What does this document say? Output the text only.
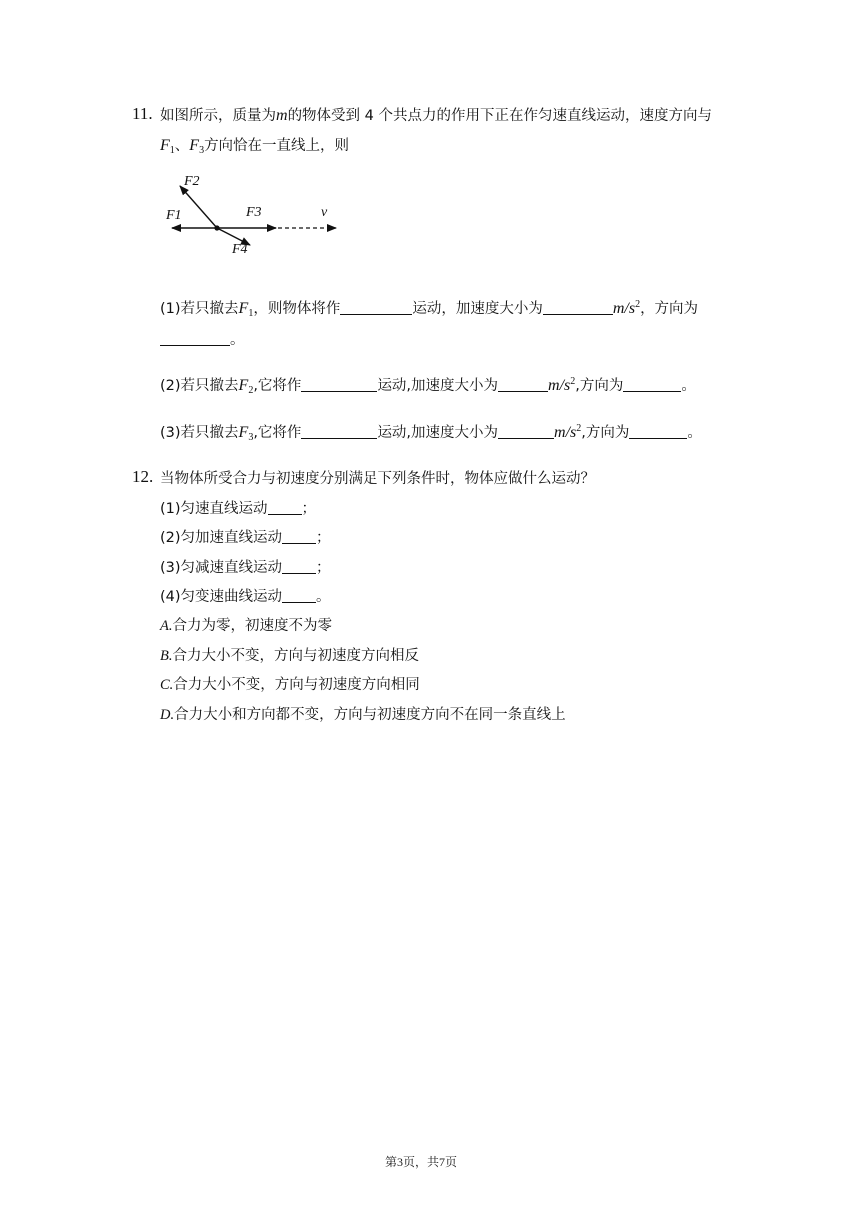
11. 如图所示，质量为m的物体受到 4 个共点力的作用下正在作匀速直线运动，速度方向与
$F_1$、$F_3$方向恰在一直线上，则
F2
F1	F3	v
F4
(1)若只撤去$F_1$，则物体将作	运动，加速度大小为	$m/s^2$，方向为
。
(2)若只撤去$F_2$,它将作	运动,加速度大小为	$m/s^2$,方向为	。
(3)若只撤去$F_3$,它将作	运动,加速度大小为	$m/s^2$,方向为	。
12. 当物体所受合力与初速度分别满足下列条件时，物体应做什么运动？
(1)匀速直线运动 ；
(2)匀加速直线运动 ；
(3)匀减速直线运动 ；
(4)匀变速曲线运动 。
A.合力为零，初速度不为零
B.合力大小不变，方向与初速度方向相反
C.合力大小不变，方向与初速度方向相同
D.合力大小和方向都不变，方向与初速度方向不在同一条直线上
第3页，共7页
